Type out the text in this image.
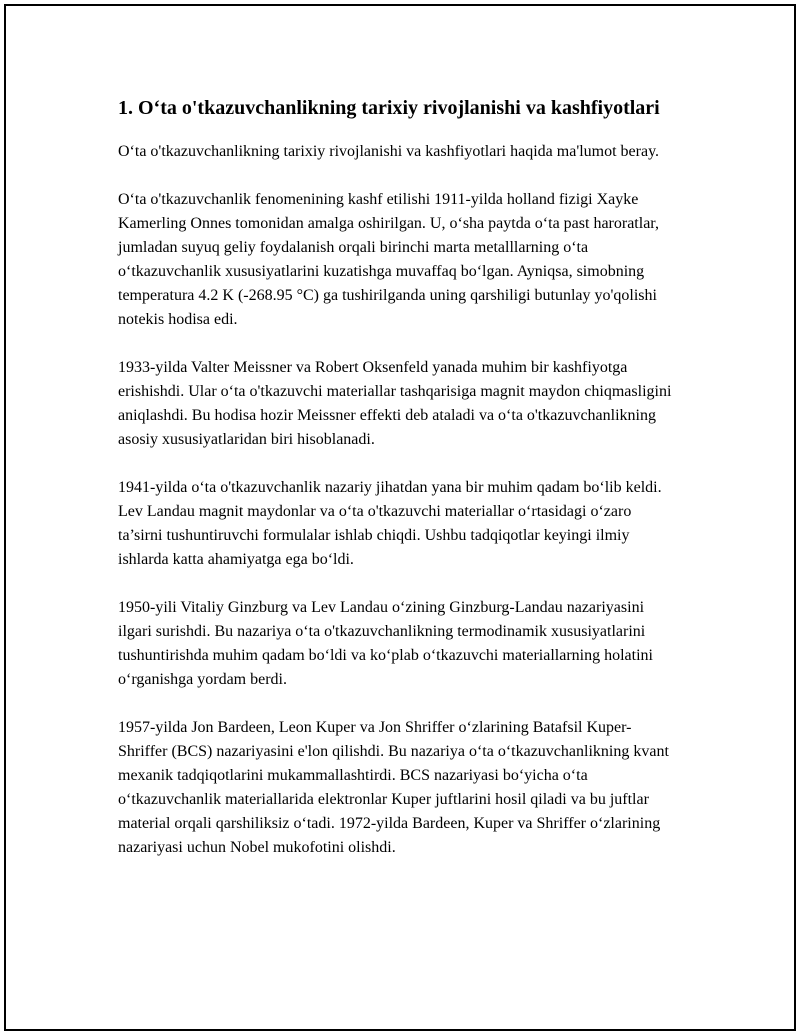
1. O‘ta o'tkazuvchanlikning tarixiy rivojlanishi va kashfiyotlari

O‘ta o'tkazuvchanlikning tarixiy rivojlanishi va kashfiyotlari haqida ma'lumot beray.

O‘ta o'tkazuvchanlik fenomenining kashf etilishi 1911-yilda holland fizigi Xayke Kamerling Onnes tomonidan amalga oshirilgan. U, o‘sha paytda o‘ta past haroratlar, jumladan suyuq geliy foydalanish orqali birinchi marta metalllarning o‘ta o‘tkazuvchanlik xususiyatlarini kuzatishga muvaffaq bo‘lgan. Ayniqsa, simobning temperatura 4.2 K (-268.95 °C) ga tushirilganda uning qarshiligi butunlay yo'qolishi notekis hodisa edi.

1933-yilda Valter Meissner va Robert Oksenfeld yanada muhim bir kashfiyotga erishishdi. Ular o‘ta o'tkazuvchi materiallar tashqarisiga magnit maydon chiqmasligini aniqlashdi. Bu hodisa hozir Meissner effekti deb ataladi va o‘ta o'tkazuvchanlikning asosiy xususiyatlaridan biri hisoblanadi.

1941-yilda o‘ta o'tkazuvchanlik nazariy jihatdan yana bir muhim qadam bo‘lib keldi. Lev Landau magnit maydonlar va o‘ta o'tkazuvchi materiallar o‘rtasidagi o‘zaro ta’sirni tushuntiruvchi formulalar ishlab chiqdi. Ushbu tadqiqotlar keyingi ilmiy ishlarda katta ahamiyatga ega bo‘ldi.

1950-yili Vitaliy Ginzburg va Lev Landau o‘zining Ginzburg-Landau nazariyasini ilgari surishdi. Bu nazariya o‘ta o'tkazuvchanlikning termodinamik xususiyatlarini tushuntirishda muhim qadam bo‘ldi va ko‘plab o‘tkazuvchi materiallarning holatini o‘rganishga yordam berdi.

1957-yilda Jon Bardeen, Leon Kuper va Jon Shriffer o‘zlarining Batafsil Kuper-Shriffer (BCS) nazariyasini e'lon qilishdi. Bu nazariya o‘ta o‘tkazuvchanlikning kvant mexanik tadqiqotlarini mukammallashtirdi. BCS nazariyasi bo‘yicha o‘ta o‘tkazuvchanlik materiallarida elektronlar Kuper juftlarini hosil qiladi va bu juftlar material orqali qarshiliksiz o‘tadi. 1972-yilda Bardeen, Kuper va Shriffer o‘zlarining nazariyasi uchun Nobel mukofotini olishdi.
